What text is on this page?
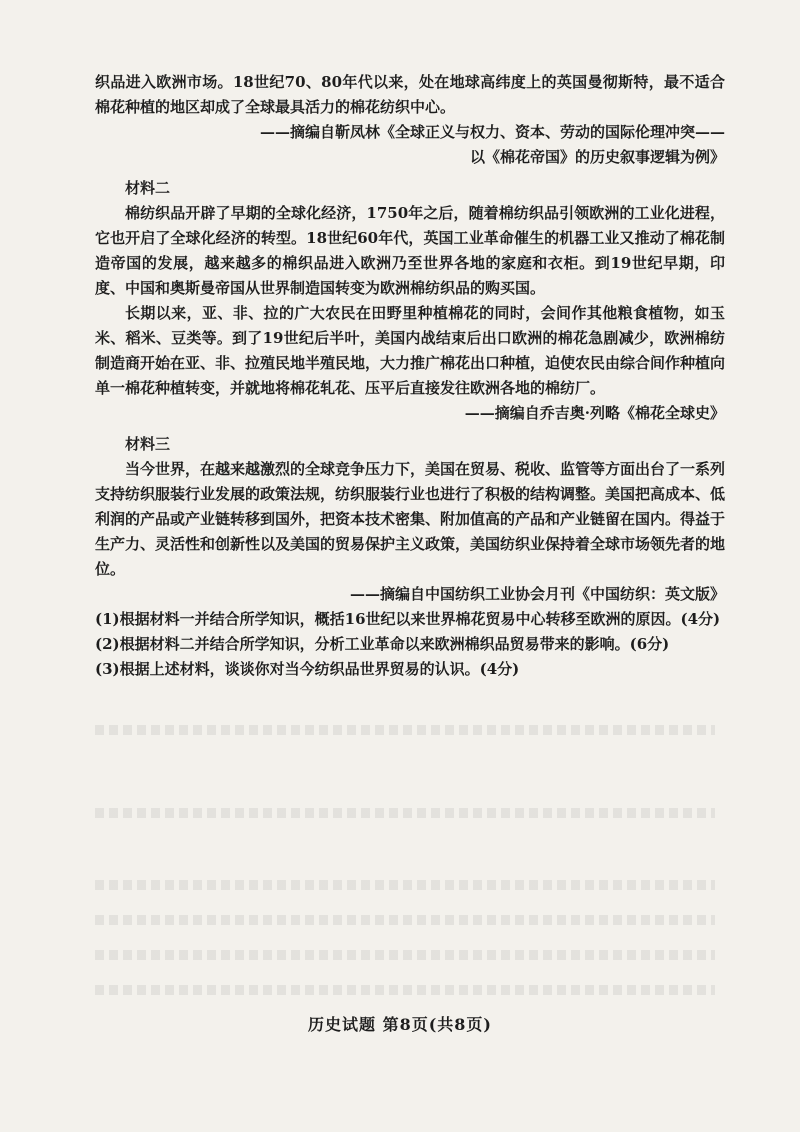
织品进入欧洲市场。18世纪70、80年代以来，处在地球高纬度上的英国曼彻斯特，最不适合棉花种植的地区却成了全球最具活力的棉花纺织中心。

——摘编自靳凤林《全球正义与权力、资本、劳动的国际伦理冲突——

以《棉花帝国》的历史叙事逻辑为例》

材料二

棉纺织品开辟了早期的全球化经济，1750年之后，随着棉纺织品引领欧洲的工业化进程，它也开启了全球化经济的转型。18世纪60年代，英国工业革命催生的机器工业又推动了棉花制造帝国的发展，越来越多的棉织品进入欧洲乃至世界各地的家庭和衣柜。到19世纪早期，印度、中国和奥斯曼帝国从世界制造国转变为欧洲棉纺织品的购买国。

长期以来，亚、非、拉的广大农民在田野里种植棉花的同时，会间作其他粮食植物，如玉米、稻米、豆类等。到了19世纪后半叶，美国内战结束后出口欧洲的棉花急剧减少，欧洲棉纺制造商开始在亚、非、拉殖民地半殖民地，大力推广棉花出口种植，迫使农民由综合间作种植向单一棉花种植转变，并就地将棉花轧花、压平后直接发往欧洲各地的棉纺厂。

——摘编自乔吉奥·列略《棉花全球史》

材料三

当今世界，在越来越激烈的全球竞争压力下，美国在贸易、税收、监管等方面出台了一系列支持纺织服装行业发展的政策法规，纺织服装行业也进行了积极的结构调整。美国把高成本、低利润的产品或产业链转移到国外，把资本技术密集、附加值高的产品和产业链留在国内。得益于生产力、灵活性和创新性以及美国的贸易保护主义政策，美国纺织业保持着全球市场领先者的地位。

——摘编自中国纺织工业协会月刊《中国纺织：英文版》

(1)根据材料一并结合所学知识，概括16世纪以来世界棉花贸易中心转移至欧洲的原因。(4分)

(2)根据材料二并结合所学知识，分析工业革命以来欧洲棉织品贸易带来的影响。(6分)

(3)根据上述材料，谈谈你对当今纺织品世界贸易的认识。(4分)

历史试题 第8页(共8页)
